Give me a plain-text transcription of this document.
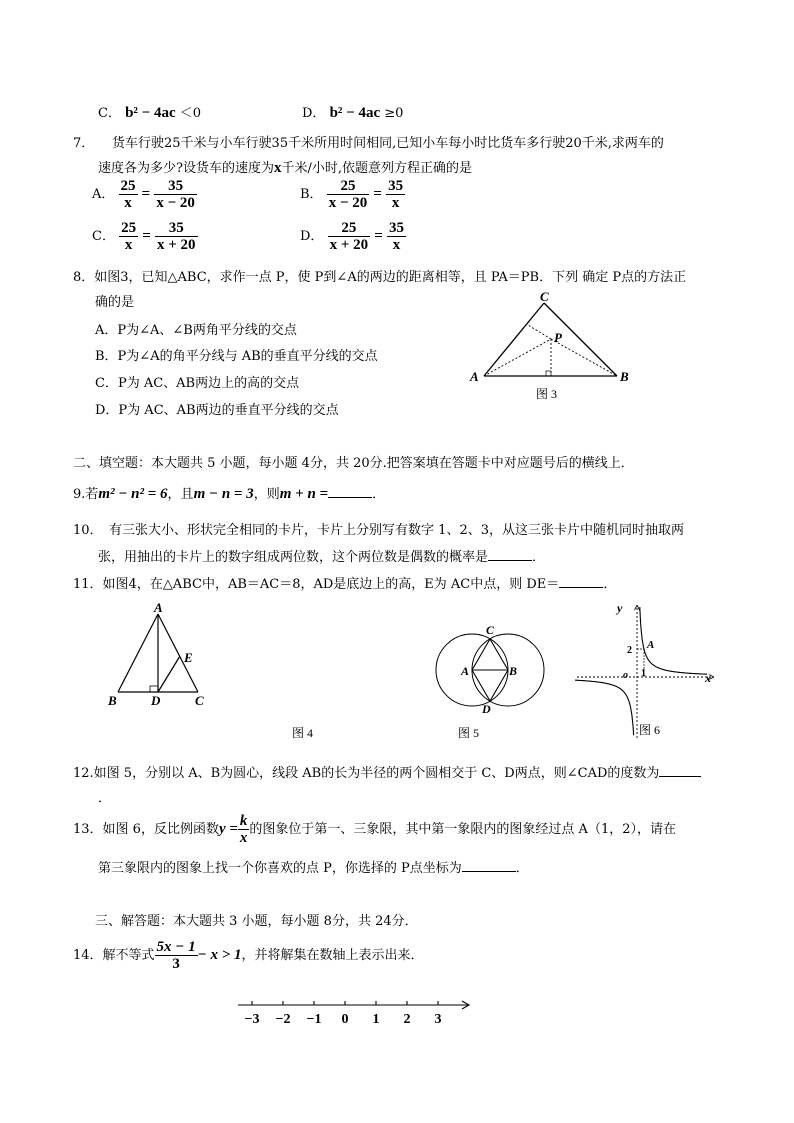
C． b² − 4ac ＜0	D． b² − 4ac ≥0
7． 货车行驶25千米与小车行驶35千米所用时间相同,已知小车每小时比货车多行驶20千米,求两车的
速度各为多少?设货车的速度为x千米/小时,依题意列方程正确的是
A． $\frac{25}{x} = \frac{35}{x - 20}$	B． $\frac{25}{x - 20} = \frac{35}{x}$
C． $\frac{25}{x} = \frac{35}{x + 20}$	D． $\frac{25}{x + 20} = \frac{35}{x}$
8．如图3，已知△ABC，求作一点 P，使 P到∠A的两边的距离相等，且 PA＝PB．下列 确定 P点的方法正
确的是
A．P为∠A、∠B两角平分线的交点
B．P为∠A的角平分线与 AB的垂直平分线的交点
C．P为 AC、AB两边上的高的交点
D．P为 AC、AB两边的垂直平分线的交点
A	B
C
P
图 3
二、填空题：本大题共 5 小题，每小题 4分，共 20分.把答案填在答题卡中对应题号后的横线上．
9.若m² − n² = 6，且m − n = 3，则m + n =	．
10．　有三张大小、形状完全相同的卡片，卡片上分别写有数字 1、2、3，从这三张卡片中随机同时抽取两
张，用抽出的卡片上的数字组成两位数，这个两位数是偶数的概率是	．
11．如图4，在△ABC中，AB＝AC＝8，AD是底边上的高，E为 AC中点，则 DE＝	．
A
B	C
D
E
图 4
A	B
C
D
图 5
y
x
o 1
2 A
图 6
12.如图 5，分别以 A、B为圆心，线段 AB的长为半径的两个圆相交于 C、D两点，则∠CAD的度数为
．
13．如图 6，反比例函数$y = \frac{k}{x}$ 的图象位于第一、三象限，其中第一象限内的图象经过点 A（1，2），请在
第三象限内的图象上找一个你喜欢的点 P，你选择的 P点坐标为	．
三、解答题：本大题共 3 小题，每小题 8分，共 24分．
14．解不等式 $\frac{5x - 1}{3} - x > 1$，并将解集在数轴上表示出来．
−3 −2 −1 0 1 2 3
